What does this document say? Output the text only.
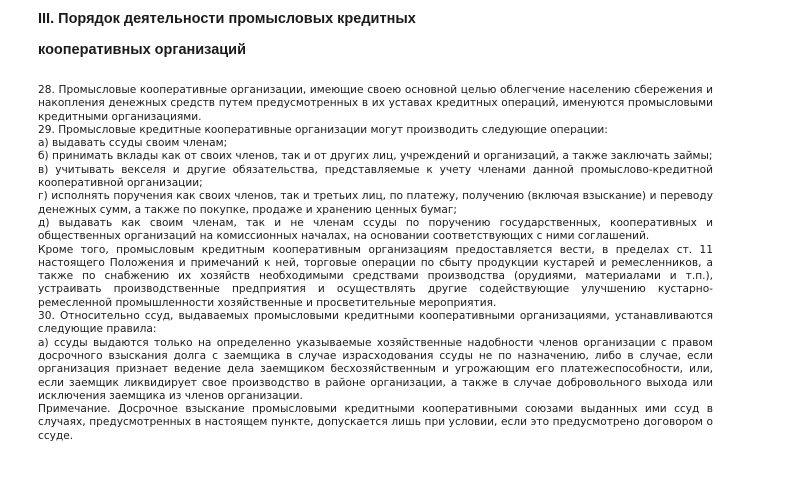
III. Порядок деятельности промысловых кредитных
кооперативных организаций

28. Промысловые кооперативные организации, имеющие своею основной целью облегчение населению сбережения и накопления денежных средств путем предусмотренных в их уставах кредитных операций, именуются промысловыми кредитными организациями.

29. Промысловые кредитные кооперативные организации могут производить следующие операции:

а) выдавать ссуды своим членам;

б) принимать вклады как от своих членов, так и от других лиц, учреждений и организаций, а также заключать займы;

в) учитывать векселя и другие обязательства, представляемые к учету членами данной промыслово-кредитной кооперативной организации;

г) исполнять поручения как своих членов, так и третьих лиц, по платежу, получению (включая взыскание) и переводу денежных сумм, а также по покупке, продаже и хранению ценных бумаг;

д) выдавать как своим членам, так и не членам ссуды по поручению государственных, кооперативных и общественных организаций на комиссионных началах, на основании соответствующих с ними соглашений.

Кроме того, промысловым кредитным кооперативным организациям предоставляется вести, в пределах ст. 11 настоящего Положения и примечаний к ней, торговые операции по сбыту продукции кустарей и ремесленников, а также по снабжению их хозяйств необходимыми средствами производства (орудиями, материалами и т.п.), устраивать производственные предприятия и осуществлять другие содействующие улучшению кустарно-ремесленной промышленности хозяйственные и просветительные мероприятия.

30. Относительно ссуд, выдаваемых промысловыми кредитными кооперативными организациями, устанавливаются следующие правила:

а) ссуды выдаются только на определенно указываемые хозяйственные надобности членов организации с правом досрочного взыскания долга с заемщика в случае израсходования ссуды не по назначению, либо в случае, если организация признает ведение дела заемщиком бесхозяйственным и угрожающим его платежеспособности, или, если заемщик ликвидирует свое производство в районе организации, а также в случае добровольного выхода или исключения заемщика из членов организации.

Примечание. Досрочное взыскание промысловыми кредитными кооперативными союзами выданных ими ссуд в случаях, предусмотренных в настоящем пункте, допускается лишь при условии, если это предусмотрено договором о ссуде.
